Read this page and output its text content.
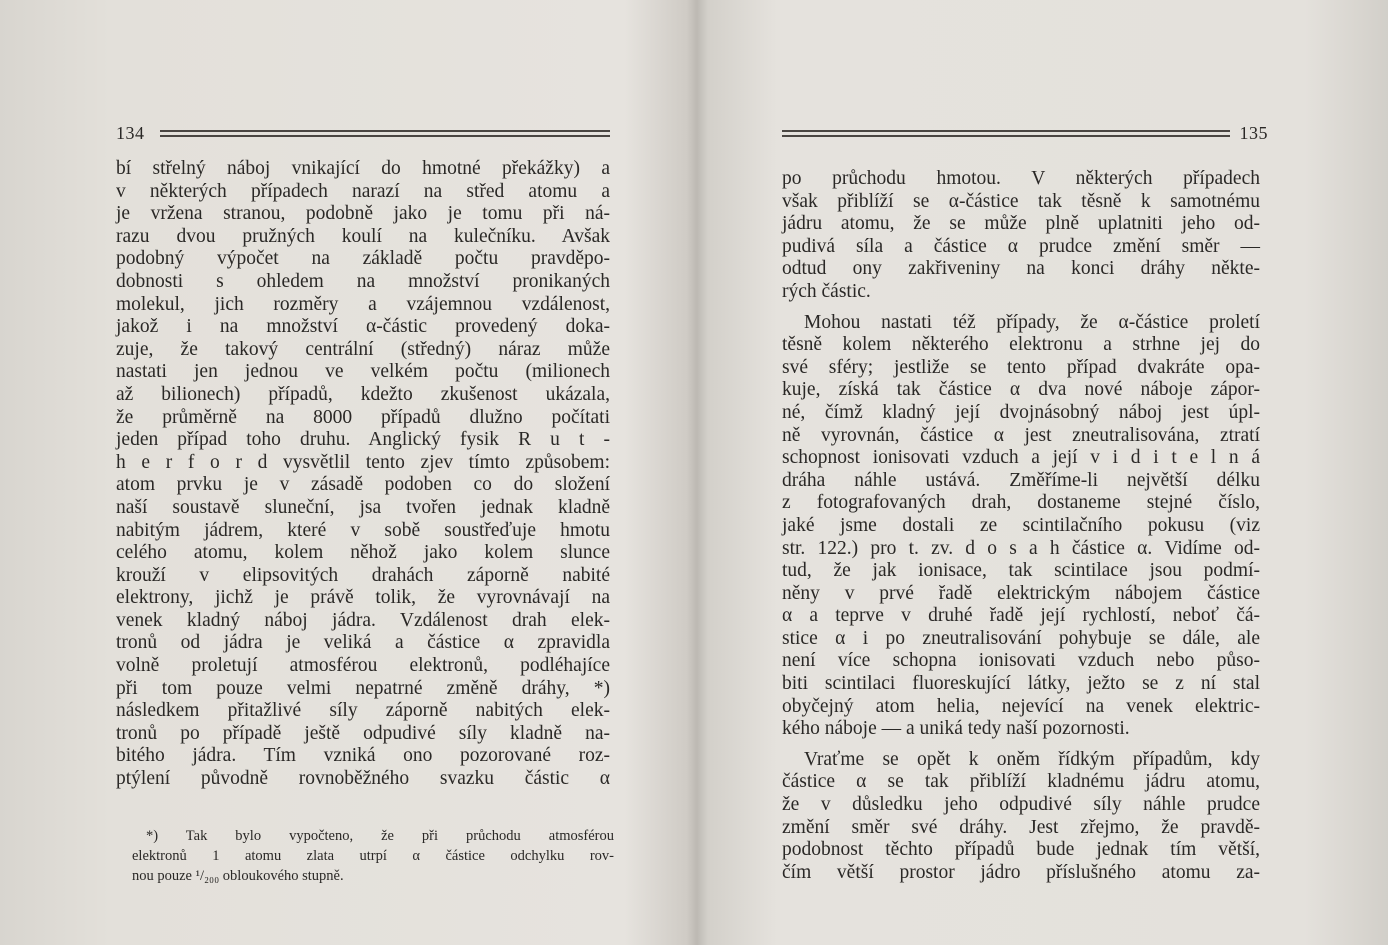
134
bí střelný náboj vnikající do hmotné překážky) a
v některých případech narazí na střed atomu a
je vržena stranou, podobně jako je tomu při ná-
razu dvou pružných koulí na kulečníku. Avšak
podobný výpočet na základě počtu pravděpo-
dobnosti s ohledem na množství pronikaných
molekul, jich rozměry a vzájemnou vzdálenost,
jakož i na množství α-částic provedený doka-
zuje, že takový centrální (středný) náraz může
nastati jen jednou ve velkém počtu (milionech
až bilionech) případů, kdežto zkušenost ukázala,
že průměrně na 8000 případů dlužno počítati
jeden případ toho druhu. Anglický fysik R u t -
h e r f o r d vysvětlil tento zjev tímto způsobem:
atom prvku je v zásadě podoben co do složení
naší soustavě sluneční, jsa tvořen jednak kladně
nabitým jádrem, které v sobě soustřeďuje hmotu
celého atomu, kolem něhož jako kolem slunce
krouží v elipsovitých drahách záporně nabité
elektrony, jichž je právě tolik, že vyrovnávají na
venek kladný náboj jádra. Vzdálenost drah elek-
tronů od jádra je veliká a částice α zpravidla
volně proletují atmosférou elektronů, podléhajíce
při tom pouze velmi nepatrné změně dráhy, *)
následkem přitažlivé síly záporně nabitých elek-
tronů po případě ještě odpudivé síly kladně na-
bitého jádra. Tím vzniká ono pozorované roz-
ptýlení původně rovnoběžného svazku částic α
*) Tak bylo vypočteno, že při průchodu atmosférou
elektronů 1 atomu zlata utrpí α částice odchylku rov-
nou pouze ¹/₂₀₀ obloukového stupně.
135
po průchodu hmotou. V některých případech
však přiblíží se α-částice tak těsně k samotnému
jádru atomu, že se může plně uplatniti jeho od-
pudivá síla a částice α prudce změní směr —
odtud ony zakřiveniny na konci dráhy někte-
rých částic.
Mohou nastati též případy, že α-částice proletí
těsně kolem některého elektronu a strhne jej do
své sféry; jestliže se tento případ dvakráte opa-
kuje, získá tak částice α dva nové náboje zápor-
né, čímž kladný její dvojnásobný náboj jest úpl-
ně vyrovnán, částice α jest zneutralisována, ztratí
schopnost ionisovati vzduch a její v i d i t e l n á
dráha náhle ustává. Změříme-li největší délku
z fotografovaných drah, dostaneme stejné číslo,
jaké jsme dostali ze scintilačního pokusu (viz
str. 122.) pro t. zv. d o s a h částice α. Vidíme od-
tud, že jak ionisace, tak scintilace jsou podmí-
něny v prvé řadě elektrickým nábojem částice
α a teprve v druhé řadě její rychlostí, neboť čá-
stice α i po zneutralisování pohybuje se dále, ale
není více schopna ionisovati vzduch nebo půso-
biti scintilaci fluoreskující látky, ježto se z ní stal
obyčejný atom helia, nejevící na venek elektric-
kého náboje — a uniká tedy naší pozornosti.
Vraťme se opět k oněm řídkým případům, kdy
částice α se tak přiblíží kladnému jádru atomu,
že v důsledku jeho odpudivé síly náhle prudce
změní směr své dráhy. Jest zřejmo, že pravdě-
podobnost těchto případů bude jednak tím větší,
čím větší prostor jádro příslušného atomu za-
